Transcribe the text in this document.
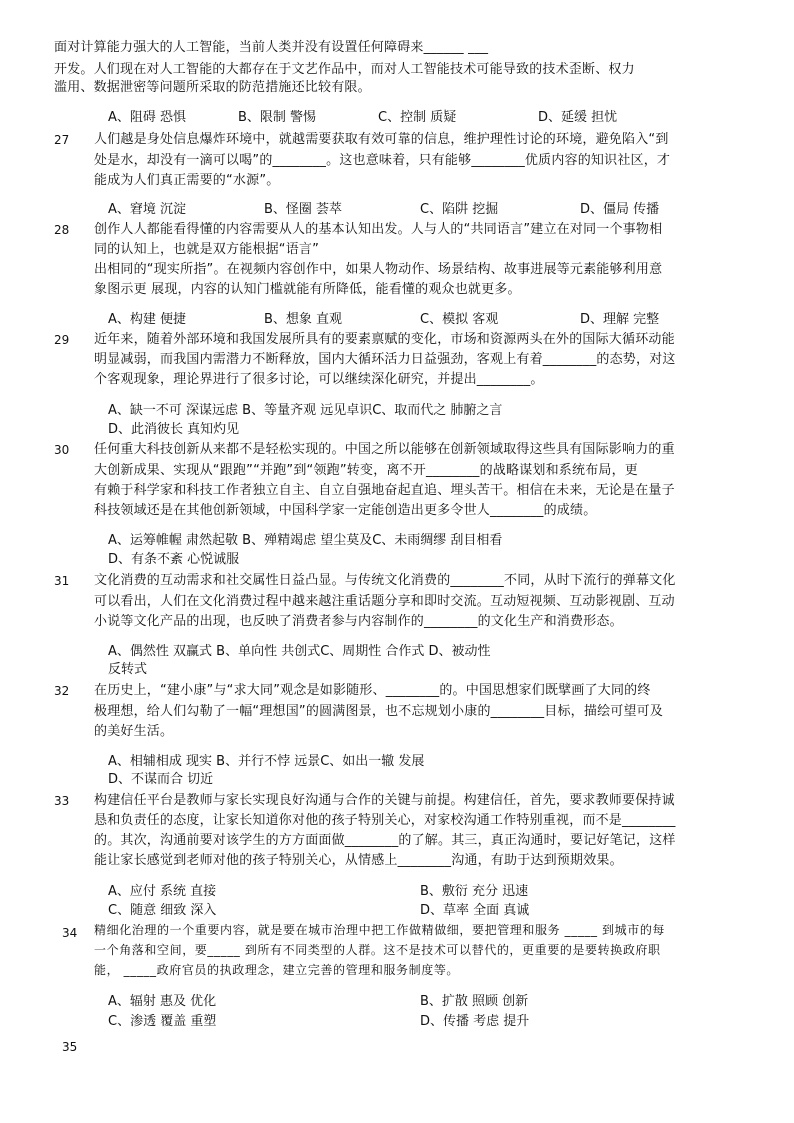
面对计算能力强大的人工智能，当前人类并没有设置任何障碍来______ ___
开发。人们现在对人工智能的大都存在于文艺作品中，而对人工智能技术可能导致的技术歪断、权力
滥用、数据泄密等问题所采取的防范措施还比较有限。
A、阻碍 恐惧	B、限制 警惕	C、控制 质疑	D、延缓 担忧
27 人们越是身处信息爆炸环境中，就越需要获取有效可靠的信息，维护理性讨论的环境，避免陷入“到
处是水，却没有一滴可以喝”的________。这也意味着，只有能够________优质内容的知识社区，才
能成为人们真正需要的“水源”。
A、窘境 沉淀	B、怪圈 荟萃	C、陷阱 挖掘	D、僵局 传播
28 创作人人都能看得懂的内容需要从人的基本认知出发。人与人的“共同语言”建立在对同一个事物相
同的认知上，也就是双方能根据“语言”
出相同的“现实所指”。在视频内容创作中，如果人物动作、场景结构、故事进展等元素能够利用意
象图示更 展现，内容的认知门槛就能有所降低，能看懂的观众也就更多。
A、构建 便捷	B、想象 直观	C、模拟 客观	D、理解 完整
29 近年来，随着外部环境和我国发展所具有的要素禀赋的变化，市场和资源两头在外的国际大循环动能
明显减弱，而我国内需潜力不断释放，国内大循环活力日益强劲，客观上有着________的态势，对这
个客观现象，理论界进行了很多讨论，可以继续深化研究，并提出________。
A、缺一不可 深谋远虑 B、等量齐观 远见卓识C、取而代之 肺腑之言
D、此消彼长 真知灼见
30 任何重大科技创新从来都不是轻松实现的。中国之所以能够在创新领域取得这些具有国际影响力的重
大创新成果、实现从“跟跑”“并跑”到“领跑”转变，离不开________的战略谋划和系统布局，更
有赖于科学家和科技工作者独立自主、自立自强地奋起直追、埋头苦干。相信在未来，无论是在量子
科技领域还是在其他创新领域，中国科学家一定能创造出更多令世人________的成绩。
A、运筹帷幄 肃然起敬 B、殚精竭虑 望尘莫及C、未雨绸缪 刮目相看
D、有条不紊 心悦诚服
31 文化消费的互动需求和社交属性日益凸显。与传统文化消费的________不同，从时下流行的弹幕文化
可以看出，人们在文化消费过程中越来越注重话题分享和即时交流。互动短视频、互动影视剧、互动
小说等文化产品的出现，也反映了消费者参与内容制作的________的文化生产和消费形态。
A、偶然性 双赢式 B、单向性 共创式C、周期性 合作式 D、被动性
反转式
32 在历史上，“建小康”与“求大同”观念是如影随形、________的。中国思想家们既擘画了大同的终
极理想，给人们勾勒了一幅“理想国”的圆满图景，也不忘规划小康的________目标，描绘可望可及
的美好生活。
A、相辅相成 现实 B、并行不悖 远景C、如出一辙 发展
D、不谋而合 切近
33 构建信任平台是教师与家长实现良好沟通与合作的关键与前提。构建信任，首先，要求教师要保持诚
恳和负责任的态度，让家长知道你对他的孩子特别关心，对家校沟通工作特别重视，而不是________
的。其次，沟通前要对该学生的方方面面做________的了解。其三，真正沟通时，要记好笔记，这样
能让家长感觉到老师对他的孩子特别关心，从情感上________沟通，有助于达到预期效果。
A、应付 系统 直接	B、敷衍 充分 迅速
C、随意 细致 深入	D、草率 全面 真诚
34 精细化治理的一个重要内容，就是要在城市治理中把工作做精做细，要把管理和服务 _____ 到城市的每
一个角落和空间，要_____ 到所有不同类型的人群。这不是技术可以替代的，更重要的是要转换政府职
能， _____政府官员的执政理念，建立完善的管理和服务制度等。
A、辐射 惠及 优化	B、扩散 照顾 创新
C、渗透 覆盖 重塑	D、传播 考虑 提升
35
